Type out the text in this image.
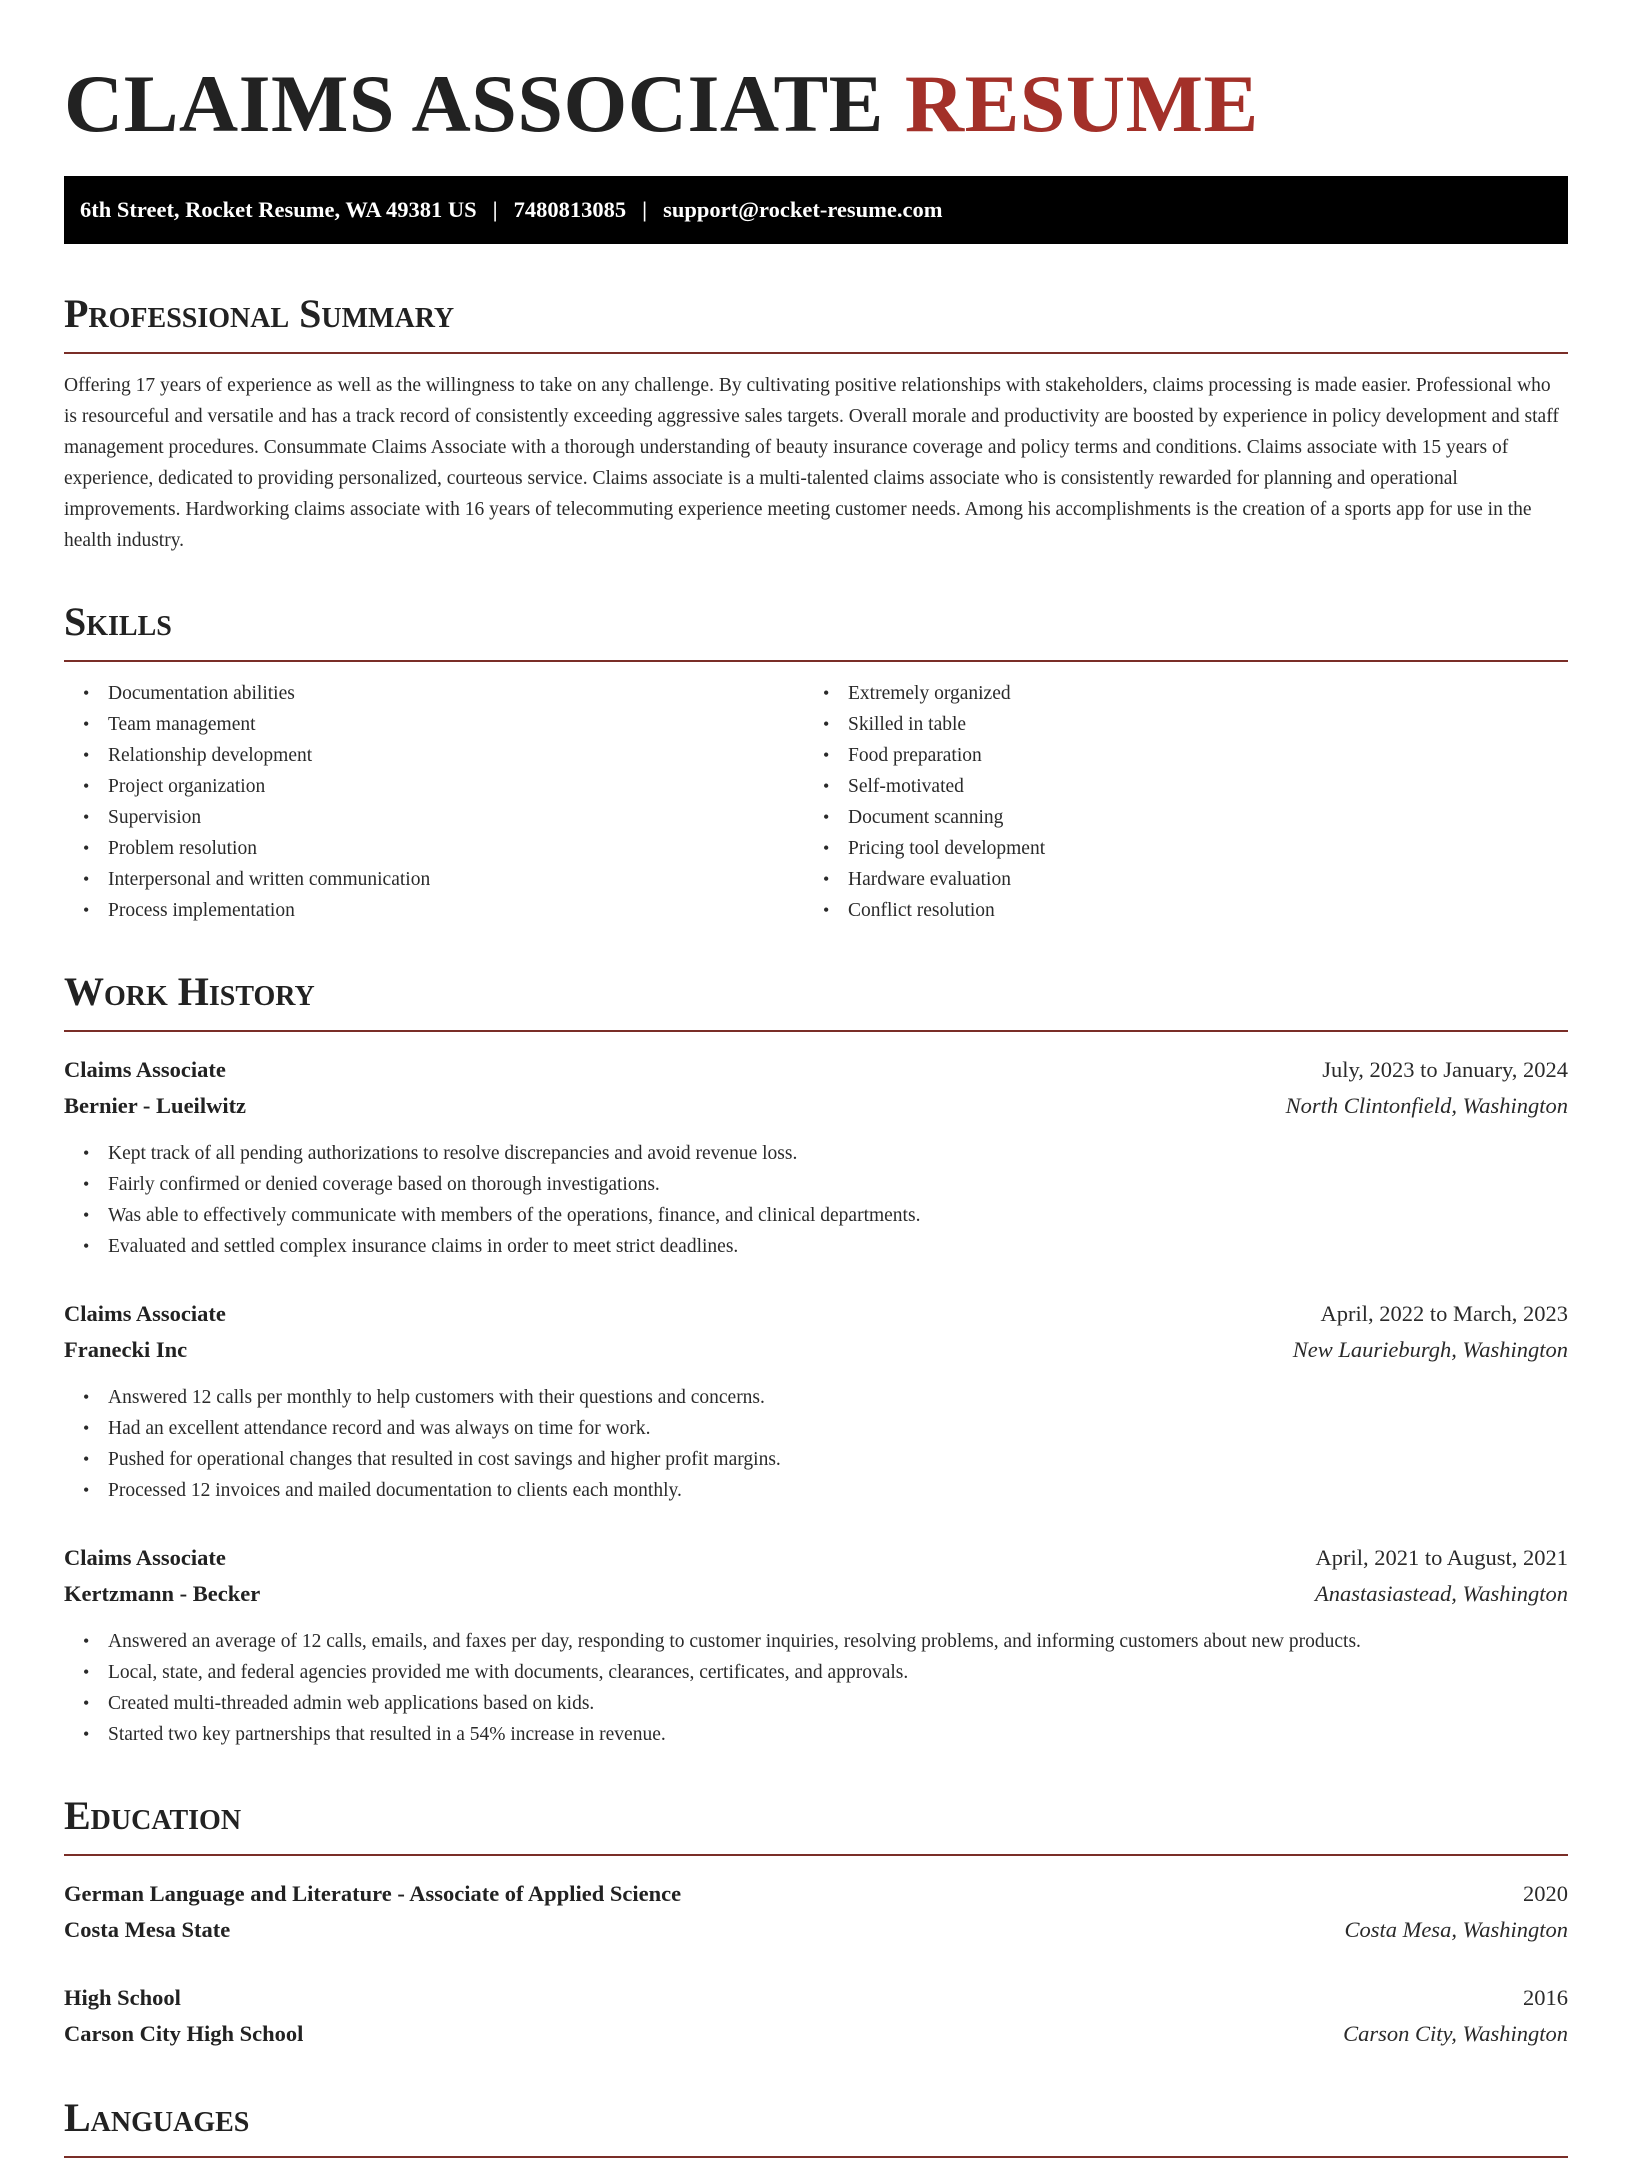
CLAIMS ASSOCIATE RESUME
6th Street, Rocket Resume, WA 49381 US | 7480813085 | support@rocket-resume.com
Professional Summary
Offering 17 years of experience as well as the willingness to take on any challenge. By cultivating positive relationships with stakeholders, claims processing is made easier. Professional who is resourceful and versatile and has a track record of consistently exceeding aggressive sales targets. Overall morale and productivity are boosted by experience in policy development and staff management procedures. Consummate Claims Associate with a thorough understanding of beauty insurance coverage and policy terms and conditions. Claims associate with 15 years of experience, dedicated to providing personalized, courteous service. Claims associate is a multi-talented claims associate who is consistently rewarded for planning and operational improvements. Hardworking claims associate with 16 years of telecommuting experience meeting customer needs. Among his accomplishments is the creation of a sports app for use in the health industry.
Skills
• Documentation abilities
• Team management
• Relationship development
• Project organization
• Supervision
• Problem resolution
• Interpersonal and written communication
• Process implementation
• Extremely organized
• Skilled in table
• Food preparation
• Self-motivated
• Document scanning
• Pricing tool development
• Hardware evaluation
• Conflict resolution
Work History
Claims Associate	July, 2023 to January, 2024
Bernier - Lueilwitz	North Clintonfield, Washington
• Kept track of all pending authorizations to resolve discrepancies and avoid revenue loss.
• Fairly confirmed or denied coverage based on thorough investigations.
• Was able to effectively communicate with members of the operations, finance, and clinical departments.
• Evaluated and settled complex insurance claims in order to meet strict deadlines.
Claims Associate	April, 2022 to March, 2023
Franecki Inc	New Laurieburgh, Washington
• Answered 12 calls per monthly to help customers with their questions and concerns.
• Had an excellent attendance record and was always on time for work.
• Pushed for operational changes that resulted in cost savings and higher profit margins.
• Processed 12 invoices and mailed documentation to clients each monthly.
Claims Associate	April, 2021 to August, 2021
Kertzmann - Becker	Anastasiastead, Washington
• Answered an average of 12 calls, emails, and faxes per day, responding to customer inquiries, resolving problems, and informing customers about new products.
• Local, state, and federal agencies provided me with documents, clearances, certificates, and approvals.
• Created multi-threaded admin web applications based on kids.
• Started two key partnerships that resulted in a 54% increase in revenue.
Education
German Language and Literature - Associate of Applied Science	2020
Costa Mesa State	Costa Mesa, Washington
High School	2016
Carson City High School	Carson City, Washington
Languages
